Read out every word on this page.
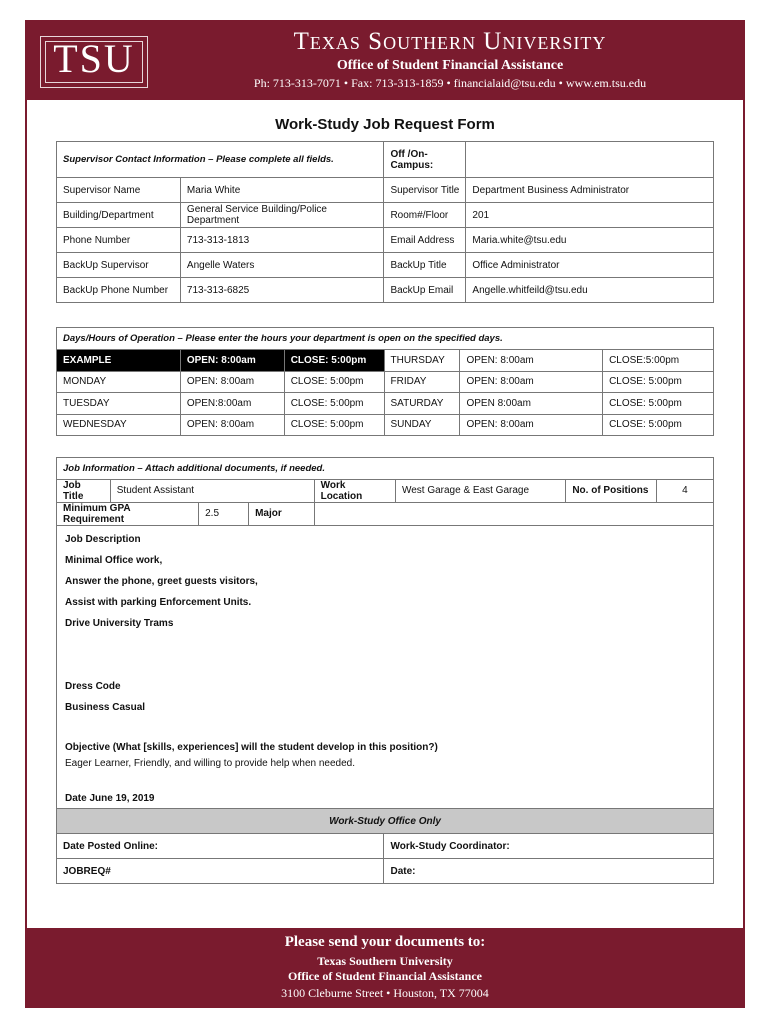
TSU	Texas Southern University
Office of Student Financial Assistance
Ph: 713-313-7071 • Fax: 713-313-1859 • financialaid@tsu.edu • www.em.tsu.edu
Work-Study Job Request Form
Supervisor Contact Information – Please complete all fields.		Off /On-Campus:	
Supervisor Name	Maria White	Supervisor Title	Department Business Administrator
Building/Department	General Service Building/Police Department	Room#/Floor	201
Phone Number	713-313-1813	Email Address	Maria.white@tsu.edu
BackUp Supervisor	Angelle Waters	BackUp Title	Office Administrator
BackUp Phone Number	713-313-6825	BackUp Email	Angelle.whitfeild@tsu.edu
Days/Hours of Operation – Please enter the hours your department is open on the specified days.					
EXAMPLE	OPEN: 8:00am	CLOSE: 5:00pm	THURSDAY	OPEN: 8:00am	CLOSE:5:00pm
MONDAY	OPEN: 8:00am	CLOSE: 5:00pm	FRIDAY	OPEN: 8:00am	CLOSE: 5:00pm
TUESDAY	OPEN:8:00am	CLOSE: 5:00pm	SATURDAY	OPEN 8:00am	CLOSE: 5:00pm
WEDNESDAY	OPEN: 8:00am	CLOSE: 5:00pm	SUNDAY	OPEN: 8:00am	CLOSE: 5:00pm
Job Information – Attach additional documents, if needed.							
Job Title	Student Assistant			Work Location	West Garage & East Garage	No. of Positions	4
Minimum GPA Requirement		2.5	Major				
Job Description
Minimal Office work,
Answer the phone, greet guests visitors,
Assist with parking Enforcement Units.
Drive University Trams
Dress Code
Business Casual
Objective (What [skills, experiences] will the student develop in this position?)
Eager Learner, Friendly, and willing to provide help when needed.
Date June 19, 2019
Work-Study Office Only	
Date Posted Online:	Work-Study Coordinator:
JOBREQ#	Date:
Please send your documents to:
Texas Southern University
Office of Student Financial Assistance
3100 Cleburne Street • Houston, TX 77004
